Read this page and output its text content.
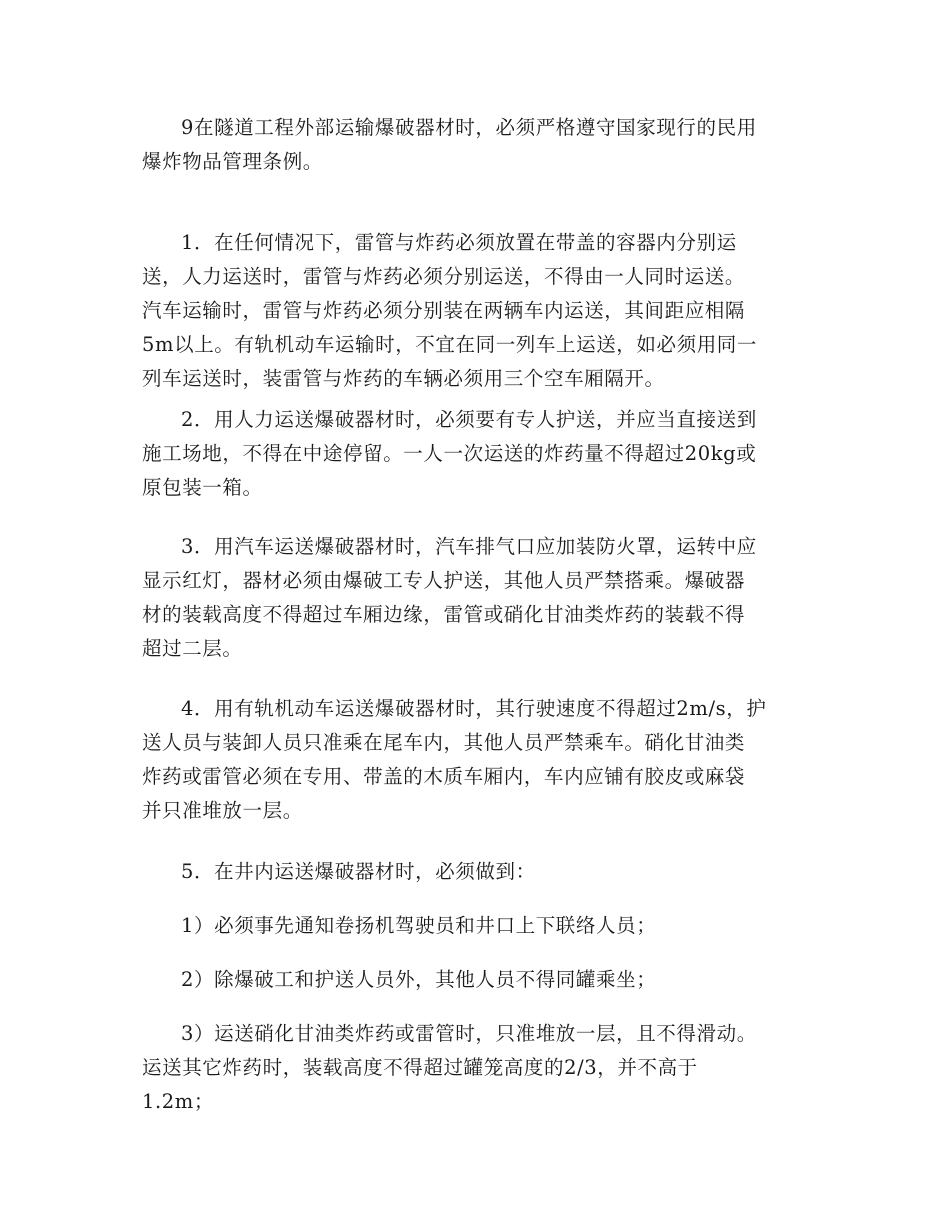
9在隧道工程外部运输爆破器材时，必须严格遵守国家现行的民用
爆炸物品管理条例。

1．在任何情况下，雷管与炸药必须放置在带盖的容器内分别运
送，人力运送时，雷管与炸药必须分别运送，不得由一人同时运送。
汽车运输时，雷管与炸药必须分别装在两辆车内运送，其间距应相隔
5m以上。有轨机动车运输时，不宜在同一列车上运送，如必须用同一
列车运送时，装雷管与炸药的车辆必须用三个空车厢隔开。

2．用人力运送爆破器材时，必须要有专人护送，并应当直接送到
施工场地，不得在中途停留。一人一次运送的炸药量不得超过20kg或
原包装一箱。

3．用汽车运送爆破器材时，汽车排气口应加装防火罩，运转中应
显示红灯，器材必须由爆破工专人护送，其他人员严禁搭乘。爆破器
材的装载高度不得超过车厢边缘，雷管或硝化甘油类炸药的装载不得
超过二层。

4．用有轨机动车运送爆破器材时，其行驶速度不得超过2m/s，护
送人员与装卸人员只准乘在尾车内，其他人员严禁乘车。硝化甘油类
炸药或雷管必须在专用、带盖的木质车厢内，车内应铺有胶皮或麻袋
并只准堆放一层。

5．在井内运送爆破器材时，必须做到：

1）必须事先通知卷扬机驾驶员和井口上下联络人员；

2）除爆破工和护送人员外，其他人员不得同罐乘坐；

3）运送硝化甘油类炸药或雷管时，只准堆放一层，且不得滑动。
运送其它炸药时，装载高度不得超过罐笼高度的2/3，并不高于
1.2m；
